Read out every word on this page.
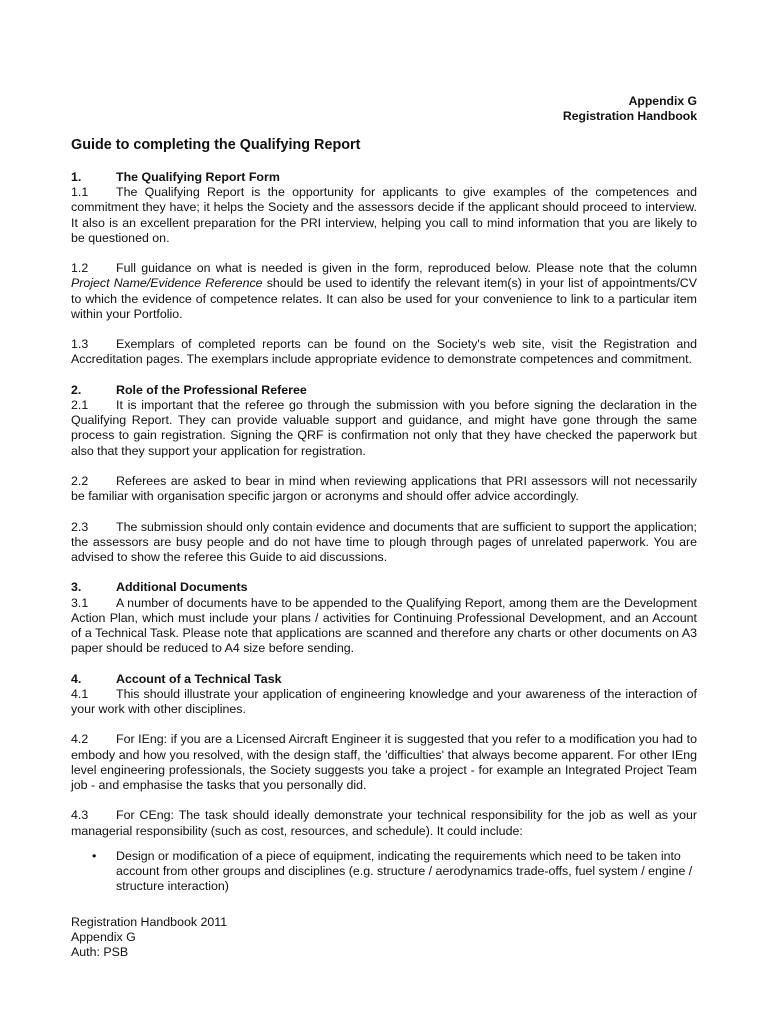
Appendix G
Registration Handbook
Guide to completing the Qualifying Report
1.	The Qualifying Report Form

1.1 The Qualifying Report is the opportunity for applicants to give examples of the competences and commitment they have; it helps the Society and the assessors decide if the applicant should proceed to interview. It also is an excellent preparation for the PRI interview, helping you call to mind information that you are likely to be questioned on.

1.2 Full guidance on what is needed is given in the form, reproduced below. Please note that the column Project Name/Evidence Reference should be used to identify the relevant item(s) in your list of appointments/CV to which the evidence of competence relates. It can also be used for your convenience to link to a particular item within your Portfolio.

1.3 Exemplars of completed reports can be found on the Society's web site, visit the Registration and Accreditation pages. The exemplars include appropriate evidence to demonstrate competences and commitment.

2.	Role of the Professional Referee

2.1 It is important that the referee go through the submission with you before signing the declaration in the Qualifying Report. They can provide valuable support and guidance, and might have gone through the same process to gain registration. Signing the QRF is confirmation not only that they have checked the paperwork but also that they support your application for registration.

2.2 Referees are asked to bear in mind when reviewing applications that PRI assessors will not necessarily be familiar with organisation specific jargon or acronyms and should offer advice accordingly.

2.3 The submission should only contain evidence and documents that are sufficient to support the application; the assessors are busy people and do not have time to plough through pages of unrelated paperwork. You are advised to show the referee this Guide to aid discussions.

3.	Additional Documents

3.1 A number of documents have to be appended to the Qualifying Report, among them are the Development Action Plan, which must include your plans / activities for Continuing Professional Development, and an Account of a Technical Task. Please note that applications are scanned and therefore any charts or other documents on A3 paper should be reduced to A4 size before sending.

4.	Account of a Technical Task

4.1 This should illustrate your application of engineering knowledge and your awareness of the interaction of your work with other disciplines.

4.2 For IEng: if you are a Licensed Aircraft Engineer it is suggested that you refer to a modification you had to embody and how you resolved, with the design staff, the 'difficulties' that always become apparent. For other IEng level engineering professionals, the Society suggests you take a project - for example an Integrated Project Team job - and emphasise the tasks that you personally did.

4.3 For CEng: The task should ideally demonstrate your technical responsibility for the job as well as your managerial responsibility (such as cost, resources, and schedule). It could include:

•	Design or modification of a piece of equipment, indicating the requirements which need to be taken into account from other groups and disciplines (e.g. structure / aerodynamics trade-offs, fuel system / engine / structure interaction)
Registration Handbook 2011
Appendix G
Auth: PSB
